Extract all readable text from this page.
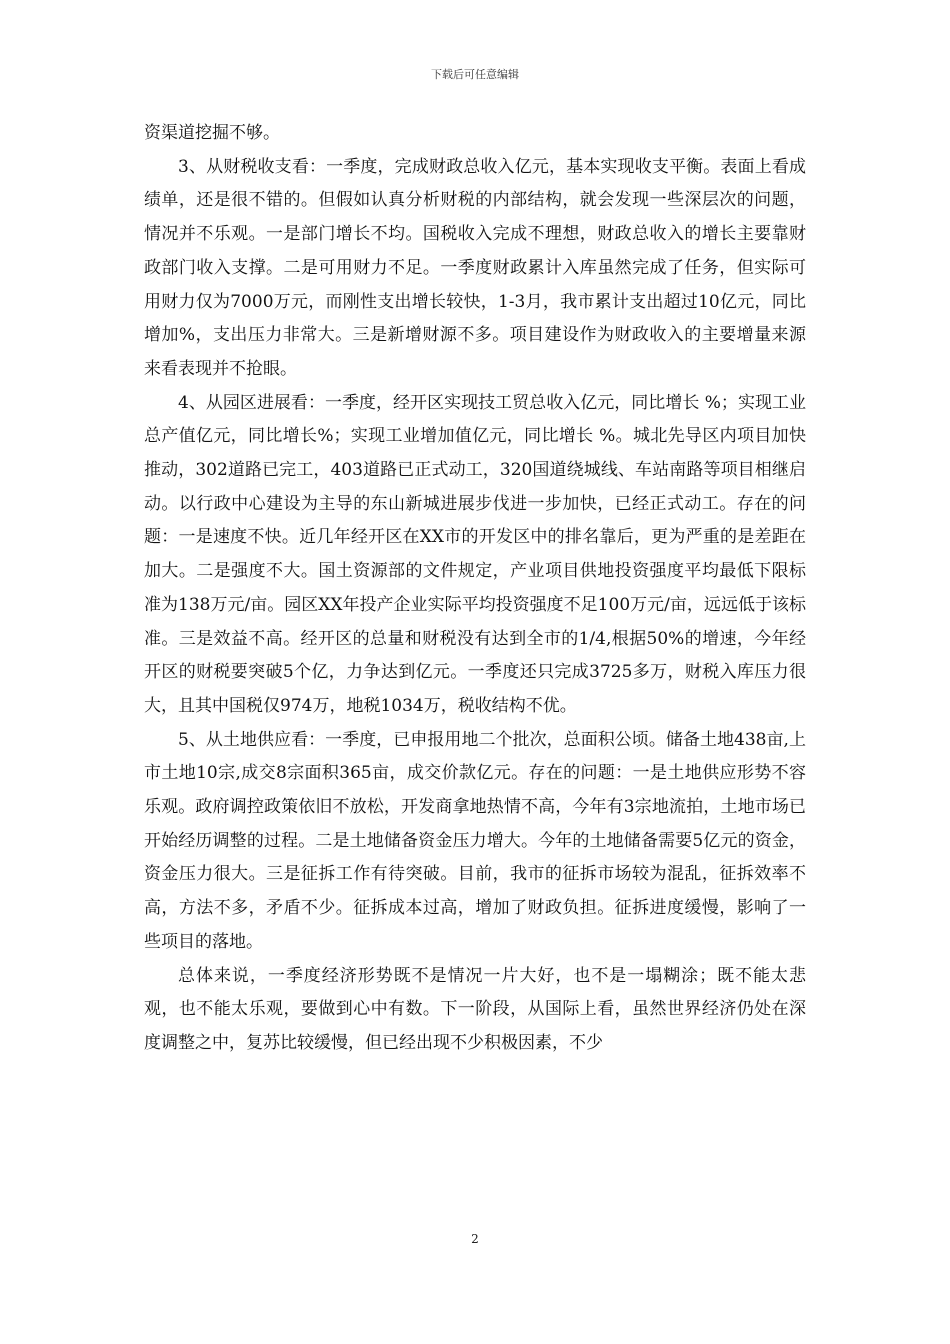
下载后可任意编辑

资渠道挖掘不够。

3、从财税收支看：一季度，完成财政总收入亿元，基本实现收支平衡。表面上看成绩单，还是很不错的。但假如认真分析财税的内部结构，就会发现一些深层次的问题，情况并不乐观。一是部门增长不均。国税收入完成不理想，财政总收入的增长主要靠财政部门收入支撑。二是可用财力不足。一季度财政累计入库虽然完成了任务，但实际可用财力仅为7000万元，而刚性支出增长较快，1-3月，我市累计支出超过10亿元，同比增加%，支出压力非常大。三是新增财源不多。项目建设作为财政收入的主要增量来源来看表现并不抢眼。

4、从园区进展看：一季度，经开区实现技工贸总收入亿元，同比增长 %；实现工业总产值亿元，同比增长%；实现工业增加值亿元，同比增长 %。城北先导区内项目加快推动，302道路已完工，403道路已正式动工，320国道绕城线、车站南路等项目相继启动。以行政中心建设为主导的东山新城进展步伐进一步加快，已经正式动工。存在的问题：一是速度不快。近几年经开区在XX市的开发区中的排名靠后，更为严重的是差距在加大。二是强度不大。国土资源部的文件规定，产业项目供地投资强度平均最低下限标准为138万元/亩。园区XX年投产企业实际平均投资强度不足100万元/亩，远远低于该标准。三是效益不高。经开区的总量和财税没有达到全市的1/4,根据50%的增速，今年经开区的财税要突破5个亿，力争达到亿元。一季度还只完成3725多万，财税入库压力很大，且其中国税仅974万，地税1034万，税收结构不优。

5、从土地供应看：一季度，已申报用地二个批次，总面积公顷。储备土地438亩,上市土地10宗,成交8宗面积365亩，成交价款亿元。存在的问题：一是土地供应形势不容乐观。政府调控政策依旧不放松，开发商拿地热情不高，今年有3宗地流拍，土地市场已开始经历调整的过程。二是土地储备资金压力增大。今年的土地储备需要5亿元的资金，资金压力很大。三是征拆工作有待突破。目前，我市的征拆市场较为混乱，征拆效率不高，方法不多，矛盾不少。征拆成本过高，增加了财政负担。征拆进度缓慢，影响了一些项目的落地。

总体来说，一季度经济形势既不是情况一片大好，也不是一塌糊涂；既不能太悲观，也不能太乐观，要做到心中有数。下一阶段，从国际上看，虽然世界经济仍处在深度调整之中，复苏比较缓慢，但已经出现不少积极因素，不少

2
